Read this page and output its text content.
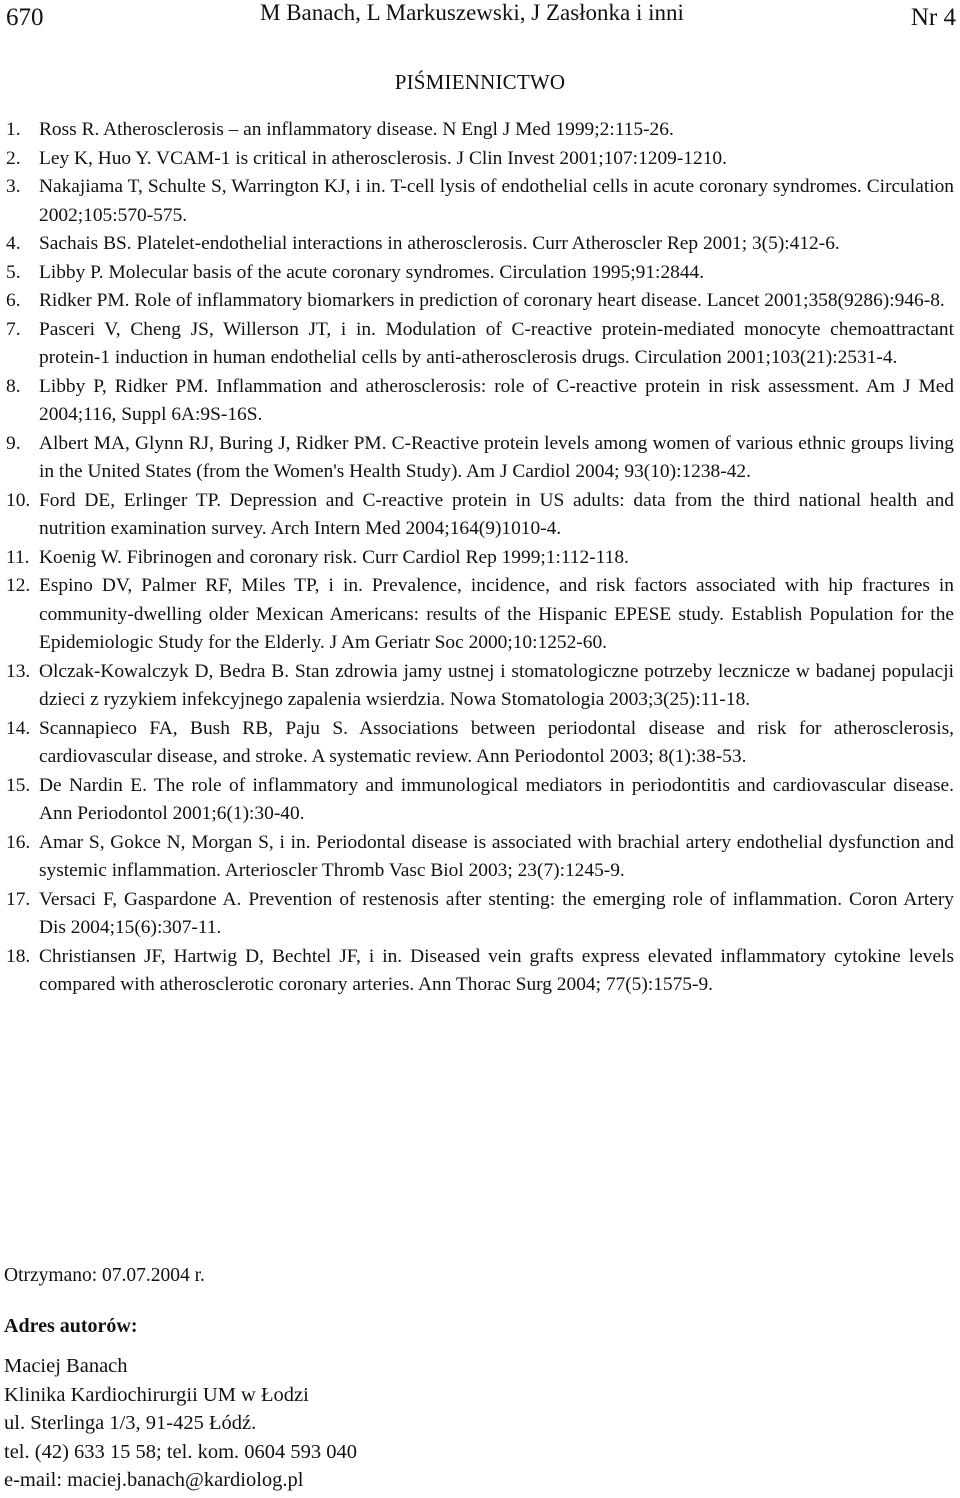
670	M Banach, L Markuszewski, J Zasłonka i inni	Nr 4
PIŚMIENNICTWO
1. Ross R. Atherosclerosis – an inflammatory disease. N Engl J Med 1999;2:115-26.
2. Ley K, Huo Y. VCAM-1 is critical in atherosclerosis. J Clin Invest 2001;107:1209-1210.
3. Nakajiama T, Schulte S, Warrington KJ, i in. T-cell lysis of endothelial cells in acute coronary syndromes. Circulation 2002;105:570-575.
4. Sachais BS. Platelet-endothelial interactions in atherosclerosis. Curr Atheroscler Rep 2001; 3(5):412-6.
5. Libby P. Molecular basis of the acute coronary syndromes. Circulation 1995;91:2844.
6. Ridker PM. Role of inflammatory biomarkers in prediction of coronary heart disease. Lancet 2001;358(9286):946-8.
7. Pasceri V, Cheng JS, Willerson JT, i in. Modulation of C-reactive protein-mediated monocyte chemoattractant protein-1 induction in human endothelial cells by anti-atherosclerosis drugs. Circulation 2001;103(21):2531-4.
8. Libby P, Ridker PM. Inflammation and atherosclerosis: role of C-reactive protein in risk assessment. Am J Med 2004;116, Suppl 6A:9S-16S.
9. Albert MA, Glynn RJ, Buring J, Ridker PM. C-Reactive protein levels among women of various ethnic groups living in the United States (from the Women's Health Study). Am J Cardiol 2004; 93(10):1238-42.
10. Ford DE, Erlinger TP. Depression and C-reactive protein in US adults: data from the third national health and nutrition examination survey. Arch Intern Med 2004;164(9)1010-4.
11. Koenig W. Fibrinogen and coronary risk. Curr Cardiol Rep 1999;1:112-118.
12. Espino DV, Palmer RF, Miles TP, i in. Prevalence, incidence, and risk factors associated with hip fractures in community-dwelling older Mexican Americans: results of the Hispanic EPESE study. Establish Population for the Epidemiologic Study for the Elderly. J Am Geriatr Soc 2000;10:1252-60.
13. Olczak-Kowalczyk D, Bedra B. Stan zdrowia jamy ustnej i stomatologiczne potrzeby lecznicze w badanej populacji dzieci z ryzykiem infekcyjnego zapalenia wsierdzia. Nowa Stomatologia 2003;3(25):11-18.
14. Scannapieco FA, Bush RB, Paju S. Associations between periodontal disease and risk for atherosclerosis, cardiovascular disease, and stroke. A systematic review. Ann Periodontol 2003; 8(1):38-53.
15. De Nardin E. The role of inflammatory and immunological mediators in periodontitis and cardiovascular disease. Ann Periodontol 2001;6(1):30-40.
16. Amar S, Gokce N, Morgan S, i in. Periodontal disease is associated with brachial artery endothelial dysfunction and systemic inflammation. Arterioscler Thromb Vasc Biol 2003; 23(7):1245-9.
17. Versaci F, Gaspardone A. Prevention of restenosis after stenting: the emerging role of inflammation. Coron Artery Dis 2004;15(6):307-11.
18. Christiansen JF, Hartwig D, Bechtel JF, i in. Diseased vein grafts express elevated inflammatory cytokine levels compared with atherosclerotic coronary arteries. Ann Thorac Surg 2004; 77(5):1575-9.
Otrzymano: 07.07.2004 r.
Adres autorów:
Maciej Banach
Klinika Kardiochirurgii UM w Łodzi
ul. Sterlinga 1/3, 91-425 Łódź.
tel. (42) 633 15 58; tel. kom. 0604 593 040
e-mail: maciej.banach@kardiolog.pl
